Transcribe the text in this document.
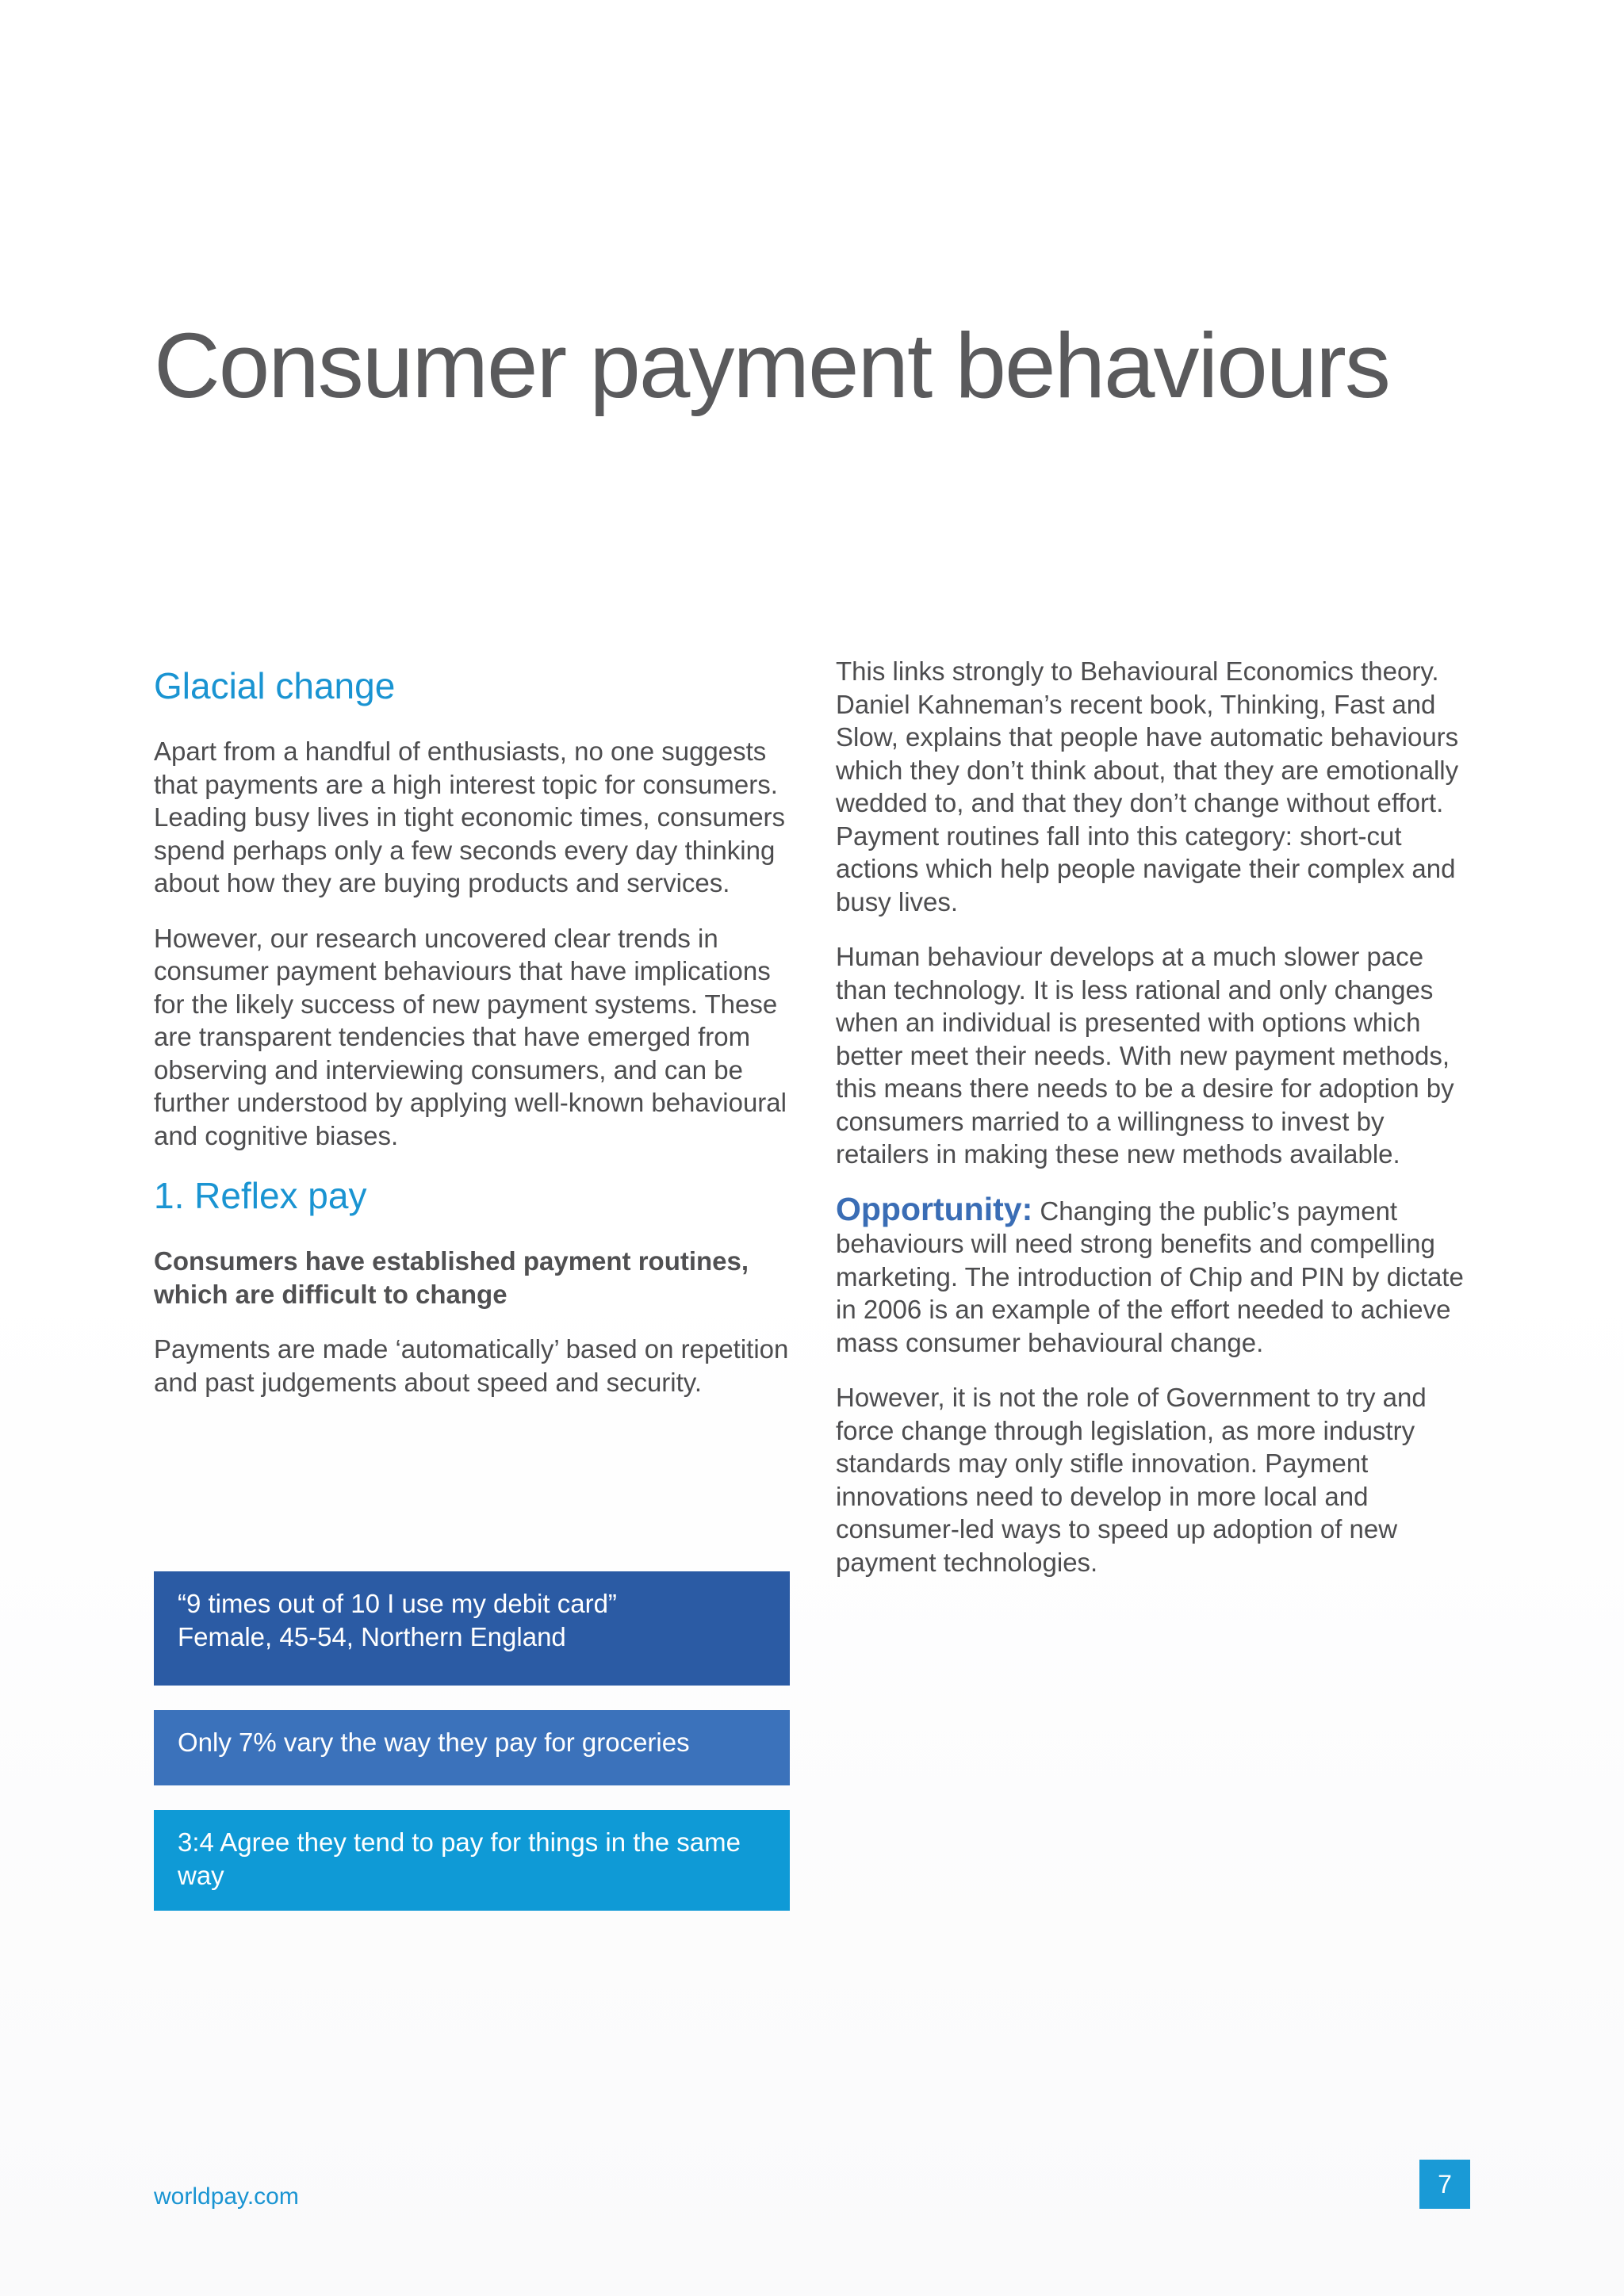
Consumer payment behaviours
Glacial change

Apart from a handful of enthusiasts, no one suggests that payments are a high interest topic for consumers. Leading busy lives in tight economic times, consumers spend perhaps only a few seconds every day thinking about how they are buying products and services.

However, our research uncovered clear trends in consumer payment behaviours that have implications for the likely success of new payment systems. These are transparent tendencies that have emerged from observing and interviewing consumers, and can be further understood by applying well-known behavioural and cognitive biases.

1. Reflex pay

Consumers have established payment routines, which are difficult to change

Payments are made ‘automatically’ based on repetition and past judgements about speed and security.

“9 times out of 10 I use my debit card”
Female, 45-54, Northern England
Only 7% vary the way they pay for groceries
3:4 Agree they tend to pay for things in the same way

This links strongly to Behavioural Economics theory. Daniel Kahneman’s recent book, Thinking, Fast and Slow, explains that people have automatic behaviours which they don’t think about, that they are emotionally wedded to, and that they don’t change without effort. Payment routines fall into this category: short-cut actions which help people navigate their complex and busy lives.

Human behaviour develops at a much slower pace than technology. It is less rational and only changes when an individual is presented with options which better meet their needs. With new payment methods, this means there needs to be a desire for adoption by consumers married to a willingness to invest by retailers in making these new methods available.

Opportunity: Changing the public’s payment behaviours will need strong benefits and compelling marketing. The introduction of Chip and PIN by dictate in 2006 is an example of the effort needed to achieve mass consumer behavioural change.

However, it is not the role of Government to try and force change through legislation, as more industry standards may only stifle innovation. Payment innovations need to develop in more local and consumer-led ways to speed up adoption of new payment technologies.

worldpay.com	7
